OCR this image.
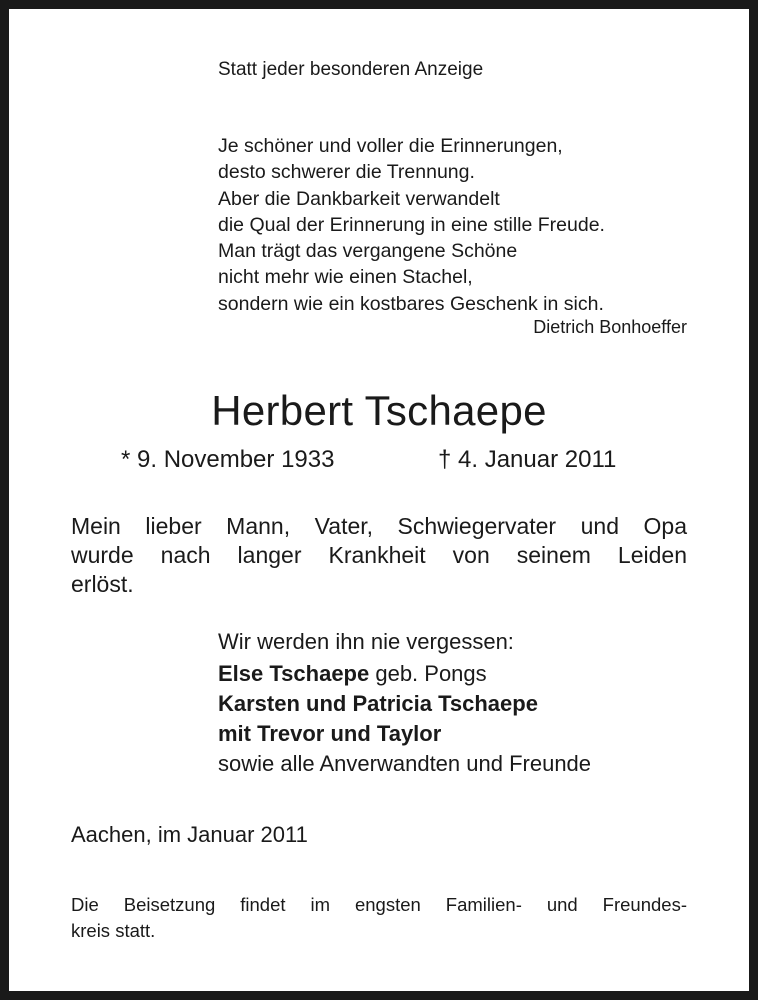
Statt jeder besonderen Anzeige

Je schöner und voller die Erinnerungen,
desto schwerer die Trennung.
Aber die Dankbarkeit verwandelt
die Qual der Erinnerung in eine stille Freude.
Man trägt das vergangene Schöne
nicht mehr wie einen Stachel,
sondern wie ein kostbares Geschenk in sich.

Dietrich Bonhoeffer

Herbert Tschaepe

* 9. November 1933	† 4. Januar 2011

Mein lieber Mann, Vater, Schwiegervater und Opa
wurde nach langer Krankheit von seinem Leiden
erlöst.
Wir werden ihn nie vergessen:
Else Tschaepe geb. Pongs
Karsten und Patricia Tschaepe
mit Trevor und Taylor
sowie alle Anverwandten und Freunde

Aachen, im Januar 2011

Die Beisetzung findet im engsten Familien- und Freundes-
kreis statt.
